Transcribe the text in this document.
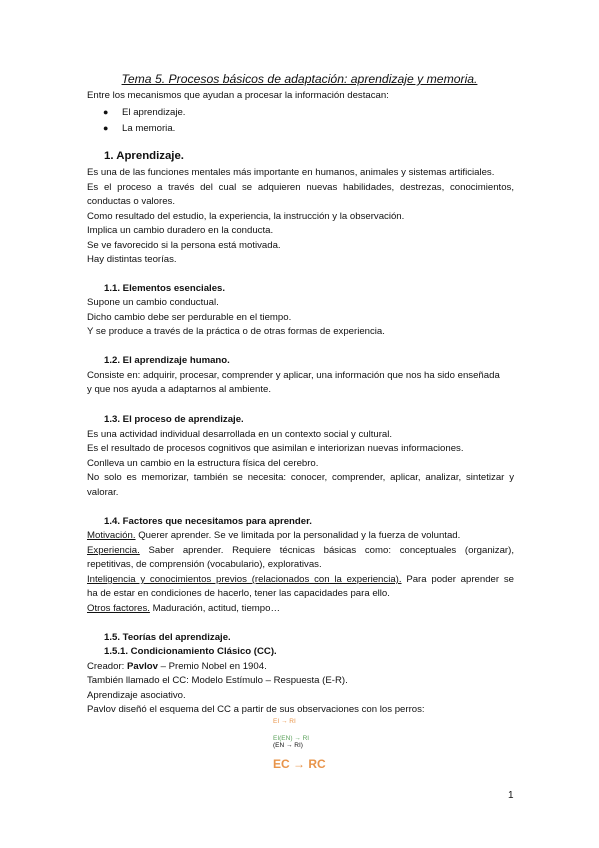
Tema 5. Procesos básicos de adaptación: aprendizaje y memoria.
Entre los mecanismos que ayudan a procesar la información destacan:
● El aprendizaje.
● La memoria.
1. Aprendizaje.
Es una de las funciones mentales más importante en humanos, animales y sistemas artificiales.
Es el proceso a través del cual se adquieren nuevas habilidades, destrezas, conocimientos,
conductas o valores.
Como resultado del estudio, la experiencia, la instrucción y la observación.
Implica un cambio duradero en la conducta.
Se ve favorecido si la persona está motivada.
Hay distintas teorías.
1.1. Elementos esenciales.
Supone un cambio conductual.
Dicho cambio debe ser perdurable en el tiempo.
Y se produce a través de la práctica o de otras formas de experiencia.
1.2. El aprendizaje humano.
Consiste en: adquirir, procesar, comprender y aplicar, una información que nos ha sido enseñada
y que nos ayuda a adaptarnos al ambiente.
1.3. El proceso de aprendizaje.
Es una actividad individual desarrollada en un contexto social y cultural.
Es el resultado de procesos cognitivos que asimilan e interiorizan nuevas informaciones.
Conlleva un cambio en la estructura física del cerebro.
No solo es memorizar, también se necesita: conocer, comprender, aplicar, analizar, sintetizar y
valorar.
1.4. Factores que necesitamos para aprender.
Motivación. Querer aprender. Se ve limitada por la personalidad y la fuerza de voluntad.
Experiencia. Saber aprender. Requiere técnicas básicas como: conceptuales (organizar),
repetitivas, de comprensión (vocabulario), explorativas.
Inteligencia y conocimientos previos (relacionados con la experiencia). Para poder aprender se
ha de estar en condiciones de hacerlo, tener las capacidades para ello.
Otros factores. Maduración, actitud, tiempo…
1.5. Teorías del aprendizaje.
1.5.1. Condicionamiento Clásico (CC).
Creador: Pavlov – Premio Nobel en 1904.
También llamado el CC: Modelo Estímulo – Respuesta (E-R).
Aprendizaje asociativo.
Pavlov diseñó el esquema del CC a partir de sus observaciones con los perros:
EI → RI
EI(EN) → RI
(EN → RI)
EC → RC
1
